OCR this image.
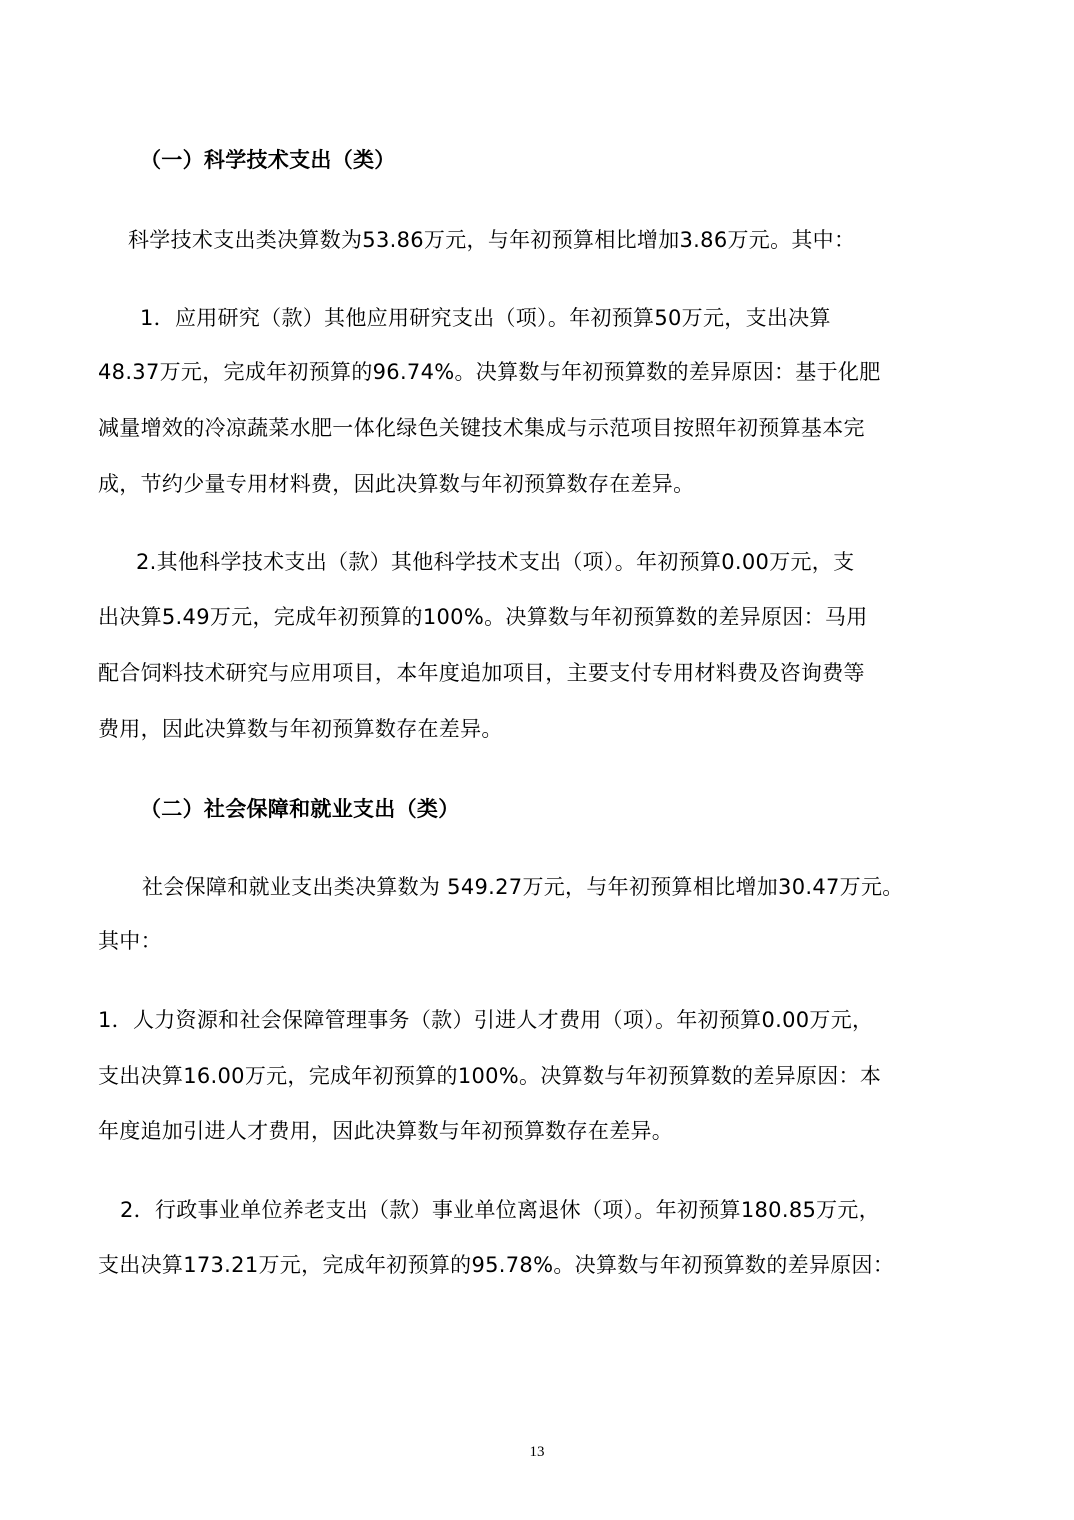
（一）科学技术支出（类）
科学技术支出类决算数为53.86万元，与年初预算相比增加3.86万元。其中：
1．应用研究（款）其他应用研究支出（项）。年初预算50万元，支出决算
48.37万元，完成年初预算的96.74%。决算数与年初预算数的差异原因：基于化肥
减量增效的冷凉蔬菜水肥一体化绿色关键技术集成与示范项目按照年初预算基本完
成，节约少量专用材料费，因此决算数与年初预算数存在差异。
2.其他科学技术支出（款）其他科学技术支出（项）。年初预算0.00万元，支
出决算5.49万元，完成年初预算的100%。决算数与年初预算数的差异原因：马用
配合饲料技术研究与应用项目，本年度追加项目，主要支付专用材料费及咨询费等
费用，因此决算数与年初预算数存在差异。
（二）社会保障和就业支出（类）
社会保障和就业支出类决算数为 549.27万元，与年初预算相比增加30.47万元。
其中：
1．人力资源和社会保障管理事务（款）引进人才费用（项）。年初预算0.00万元，
支出决算16.00万元，完成年初预算的100%。决算数与年初预算数的差异原因：本
年度追加引进人才费用，因此决算数与年初预算数存在差异。
2．行政事业单位养老支出（款）事业单位离退休（项）。年初预算180.85万元，
支出决算173.21万元，完成年初预算的95.78%。决算数与年初预算数的差异原因：
13
